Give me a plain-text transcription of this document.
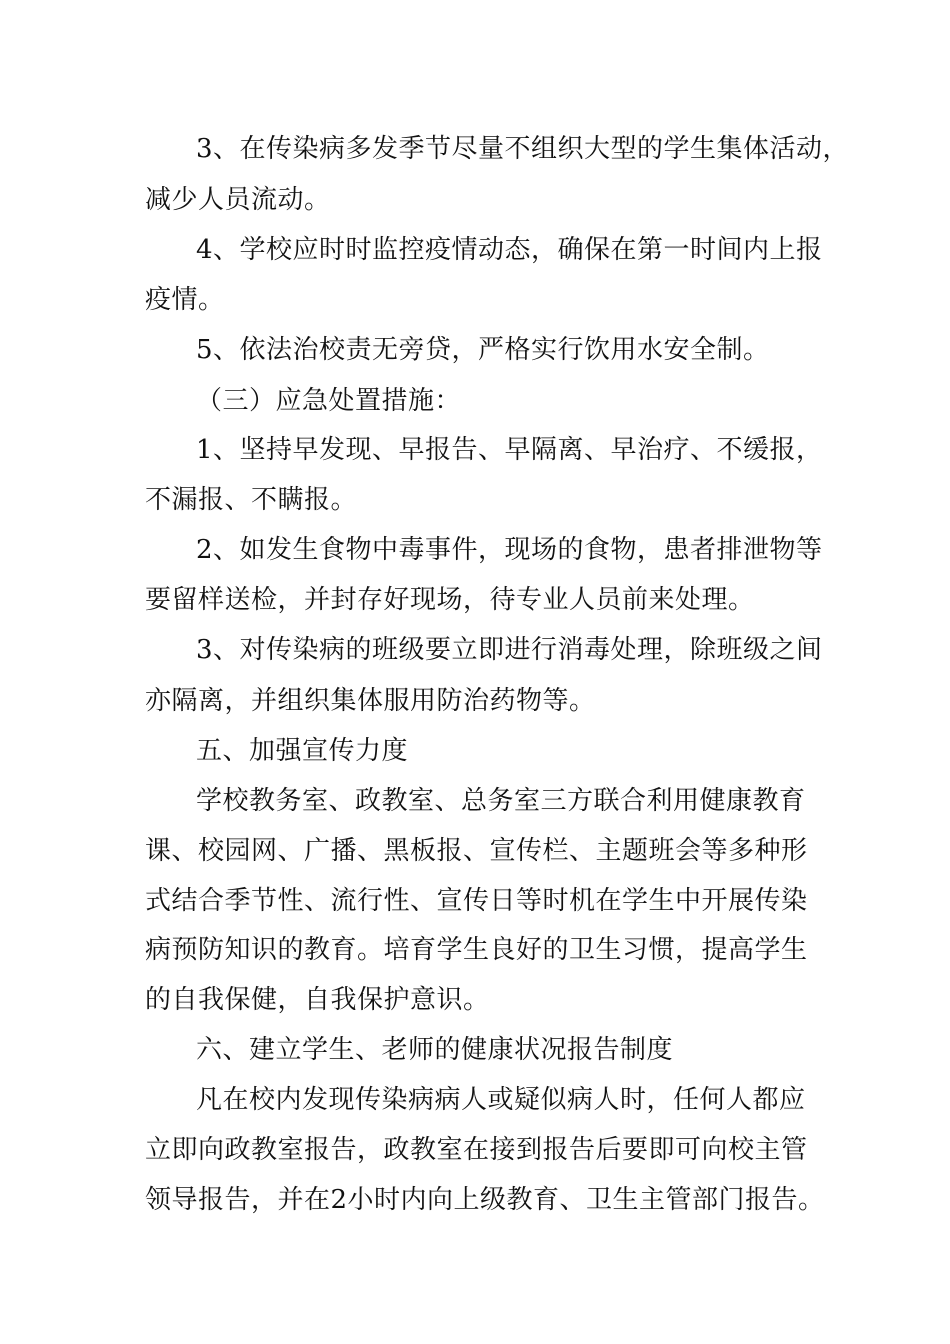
3、在传染病多发季节尽量不组织大型的学生集体活动，
减少人员流动。
4、学校应时时监控疫情动态，确保在第一时间内上报
疫情。
5、依法治校责无旁贷，严格实行饮用水安全制。
（三）应急处置措施：
1、坚持早发现、早报告、早隔离、早治疗、不缓报，
不漏报、不瞒报。
2、如发生食物中毒事件，现场的食物，患者排泄物等
要留样送检，并封存好现场，待专业人员前来处理。
3、对传染病的班级要立即进行消毒处理，除班级之间
亦隔离，并组织集体服用防治药物等。
五、加强宣传力度
学校教务室、政教室、总务室三方联合利用健康教育
课、校园网、广播、黑板报、宣传栏、主题班会等多种形
式结合季节性、流行性、宣传日等时机在学生中开展传染
病预防知识的教育。培育学生良好的卫生习惯，提高学生
的自我保健，自我保护意识。
六、建立学生、老师的健康状况报告制度
凡在校内发现传染病病人或疑似病人时，任何人都应
立即向政教室报告，政教室在接到报告后要即可向校主管
领导报告，并在2小时内向上级教育、卫生主管部门报告。
